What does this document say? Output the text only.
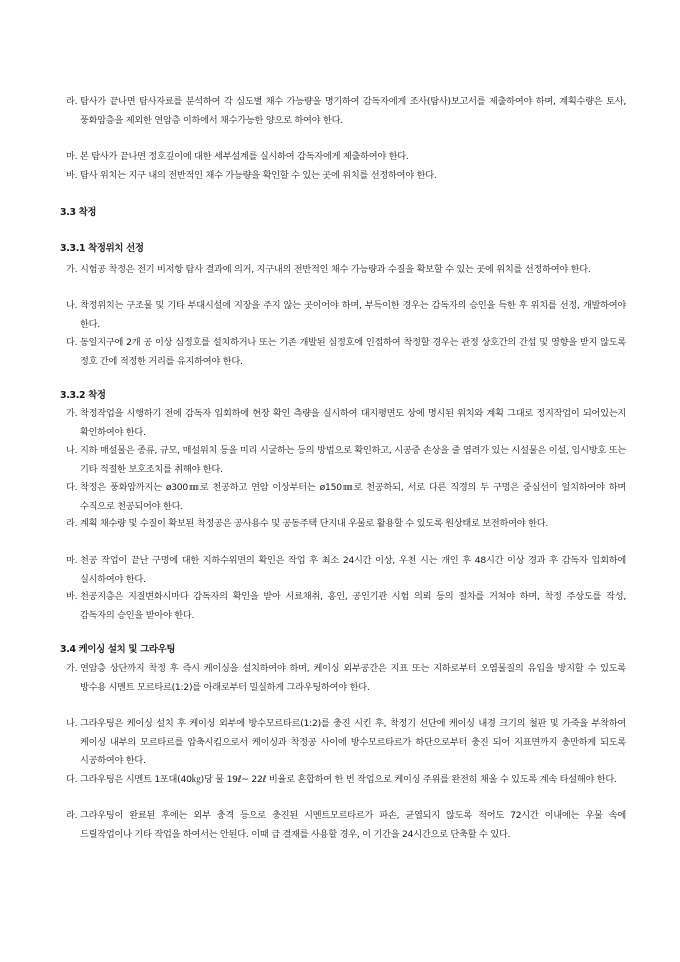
라. 탐사가 끝나면 탐사자료를 분석하여 각 심도별 채수 가능량을 명기하여 감독자에게 조사(탐사)보고서를 제출하여야 하며, 계획수량은 토사, 풍화암층을 제외한 연암층 이하에서 채수가능한 양으로 하여야 한다.
마. 본 탐사가 끝나면 정호깊이에 대한 세부설계를 실시하여 감독자에게 제출하여야 한다.
바. 탐사 위치는 지구 내의 전반적인 채수 가능량을 확인할 수 있는 곳에 위치를 선정하여야 한다.
3.3 착정
3.3.1 착정위치 선정
가. 시험공 착정은 전기 비저항 탐사 결과에 의거, 지구내의 전반적인 채수 가능량과 수질을 확보할 수 있는 곳에 위치를 선정하여야 한다.
나. 착정위치는 구조물 및 기타 부대시설에 지장을 주지 않는 곳이어야 하며, 부득이한 경우는 감독자의 승인을 득한 후 위치를 선정, 개발하여야 한다.
다. 동일지구에 2개 공 이상 심정호를 설치하거나 또는 기존 개발된 심정호에 인접하여 착정할 경우는 관정 상호간의 간섭 및 영향을 받지 않도록 정호 간에 적정한 거리를 유지하여야 한다.
3.3.2 착정
가. 착정작업을 시행하기 전에 감독자 입회하에 현장 확인 측량을 실시하여 대지평면도 상에 명시된 위치와 계획 그대로 정지작업이 되어있는지 확인하여야 한다.
나. 지하 매설물은 종류, 규모, 매설위치 등을 미리 시굴하는 등의 방법으로 확인하고, 시공중 손상을 줄 염려가 있는 시설물은 이설, 임시방호 또는 기타 적절한 보호조치를 취해야 한다.
다. 착정은 풍화암까지는 ø300㎜로 천공하고 연암 이상부터는 ø150㎜로 천공하되, 서로 다른 직경의 두 구멍은 중심선이 일치하여야 하며 수직으로 천공되어야 한다.
라. 계획 채수량 및 수질이 확보된 착정공은 공사용수 및 공동주택 단지내 우물로 활용할 수 있도록 원상태로 보전하여야 한다.
마. 천공 작업이 끝난 구멍에 대한 지하수위면의 확인은 작업 후 최소 24시간 이상, 우천 시는 개인 후 48시간 이상 경과 후 감독자 입회하에 실시하여야 한다.
바. 천공지층은 지질변화시마다 감독자의 확인을 받아 시료채취, 홍인, 공인기관 시험 의뢰 등의 절차를 거쳐야 하며, 착정 주상도를 작성, 감독자의 승인을 받아야 한다.
3.4 케이싱 설치 및 그라우팅
가. 연암층 상단까지 착정 후 즉시 케이싱을 설치하여야 하며, 케이싱 외부공간은 지표 또는 지하로부터 오염물질의 유입을 방지할 수 있도록 방수용 시멘트 모르타르(1:2)를 아래로부터 밀실하게 그라우팅하여야 한다.
나. 그라우팅은 케이싱 설치 후 케이싱 외부에 방수모르타르(1:2)를 충진 시킨 후, 착정기 선단에 케이싱 내경 크기의 철판 및 가죽을 부착하여 케이싱 내부의 모르타르를 압축시킴으로서 케이싱과 착정공 사이에 방수모르타르가 하단으로부터 충진 되어 지표면까지 충만하게 되도록 시공하여야 한다.
다. 그라우팅은 시멘트 1포대(40㎏)당 물 19ℓ~ 22ℓ 비율로 혼합하여 한 번 작업으로 케이싱 주위를 완전히 채울 수 있도록 계속 타설해야 한다.
라. 그라우팅이 완료된 후에는 외부 충격 등으로 충진된 시멘트모르타르가 파손, 균열되지 않도록 적어도 72시간 이내에는 우물 속에 드릴작업이나 기타 작업을 하여서는 안된다. 이때 급 결재를 사용할 경우, 이 기간을 24시간으로 단축할 수 있다.
